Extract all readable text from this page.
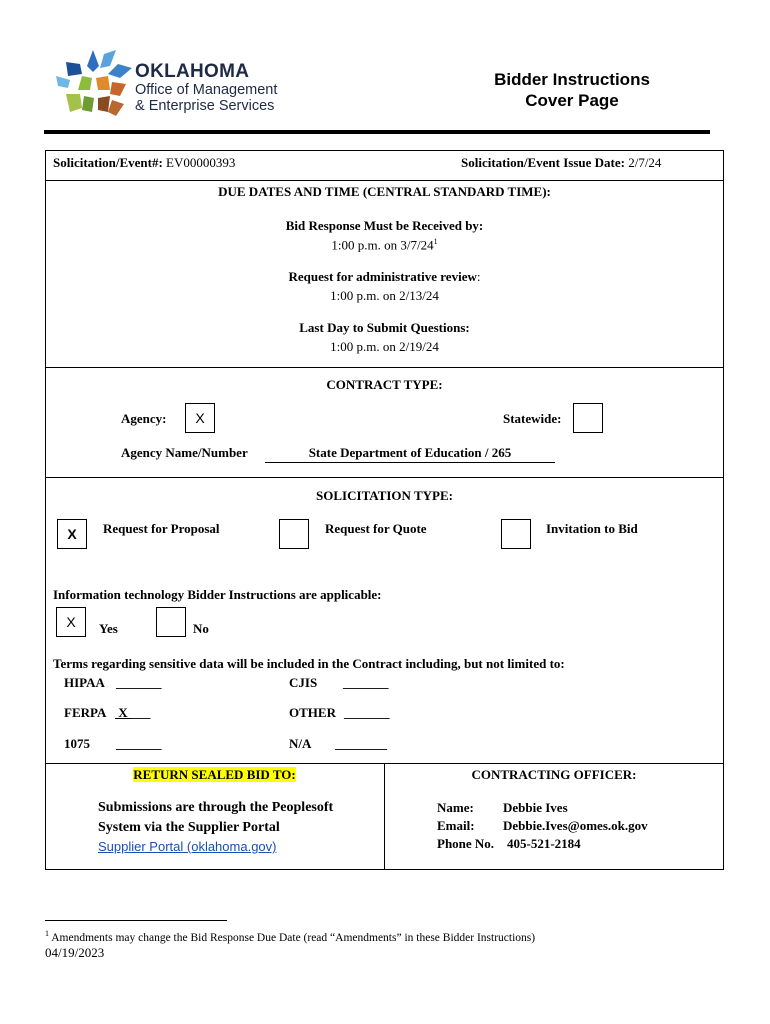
OKLAHOMA
Office of Management
& Enterprise Services
Bidder Instructions
Cover Page
Solicitation/Event#: EV00000393	Solicitation/Event Issue Date: 2/7/24
DUE DATES AND TIME (CENTRAL STANDARD TIME):
Bid Response Must be Received by:
1:00 p.m. on $3/7/24^1$
Request for administrative review:
1:00 p.m. on 2/13/24
Last Day to Submit Questions:
1:00 p.m. on 2/19/24
CONTRACT TYPE:
Agency:	X	Statewide:
Agency Name/Number	State Department of Education / 265
SOLICITATION TYPE:
X	Request for Proposal	Request for Quote	Invitation to Bid
Information technology Bidder Instructions are applicable:
X	Yes	No
Terms regarding sensitive data will be included in the Contract including, but not limited to:
HIPAA _______	CJIS _______
FERPA X ___	OTHER _______
1075 _______	N/A ________
RETURN SEALED BID TO:
Submissions are through the Peoplesoft
System via the Supplier Portal
Supplier Portal (oklahoma.gov)
CONTRACTING OFFICER:
Name: Debbie Ives
Email: Debbie.Ives@omes.ok.gov
Phone No. 405-521-2184
$^1$ Amendments may change the Bid Response Due Date (read “Amendments” in these Bidder Instructions)
04/19/2023
